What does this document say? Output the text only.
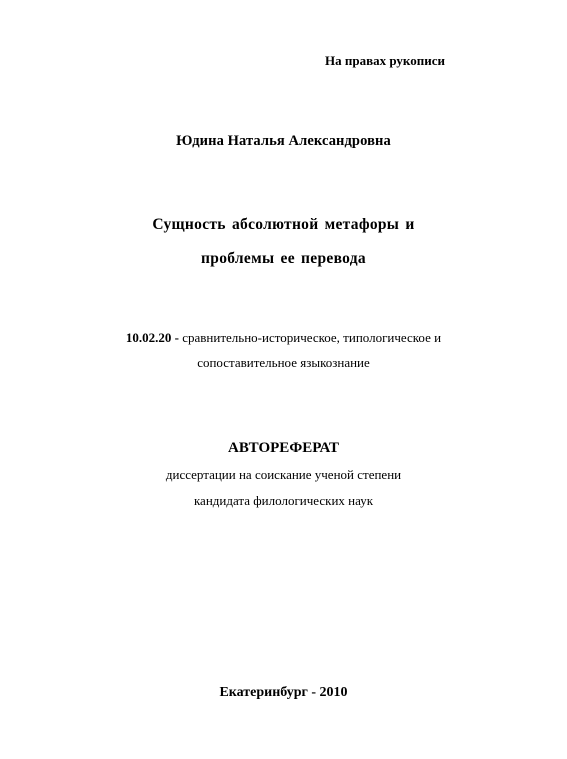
На правах рукописи
Юдина Наталья Александровна
Сущность абсолютной метафоры и
проблемы ее перевода
10.02.20 - сравнительно-историческое, типологическое и
сопоставительное языкознание
АВТОРЕФЕРАТ
диссертации на соискание ученой степени
кандидата филологических наук
Екатеринбург - 2010
